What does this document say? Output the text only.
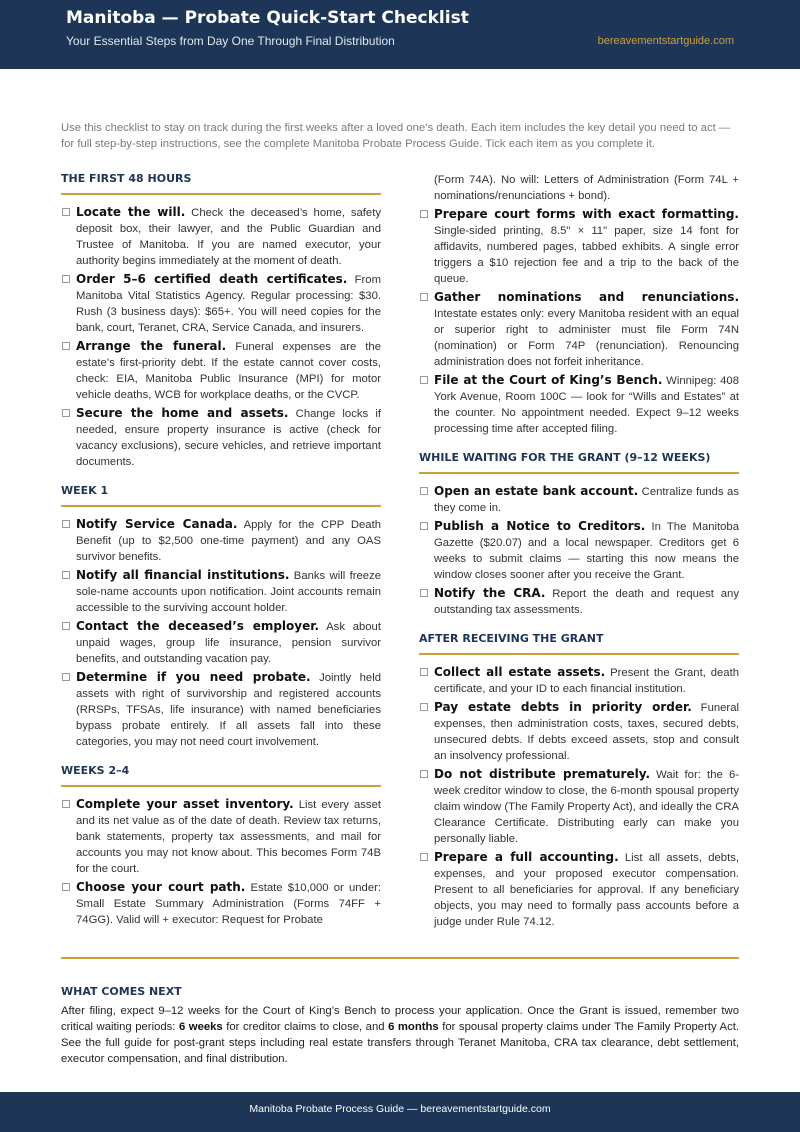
Manitoba — Probate Quick-Start Checklist
Your Essential Steps from Day One Through Final Distribution	bereavementstartguide.com
Use this checklist to stay on track during the first weeks after a loved one’s death. Each item includes the key detail you need to act — for full step-by-step instructions, see the complete Manitoba Probate Process Guide. Tick each item as you complete it.
THE FIRST 48 HOURS
Locate the will. Check the deceased’s home, safety deposit box, their lawyer, and the Public Guardian and Trustee of Manitoba. If you are named executor, your authority begins immediately at the moment of death.
Order 5–6 certified death certificates. From Manitoba Vital Statistics Agency. Regular processing: $30. Rush (3 business days): $65+. You will need copies for the bank, court, Teranet, CRA, Service Canada, and insurers.
Arrange the funeral. Funeral expenses are the estate’s first-priority debt. If the estate cannot cover costs, check: EIA, Manitoba Public Insurance (MPI) for motor vehicle deaths, WCB for workplace deaths, or the CVCP.
Secure the home and assets. Change locks if needed, ensure property insurance is active (check for vacancy exclusions), secure vehicles, and retrieve important documents.
WEEK 1
Notify Service Canada. Apply for the CPP Death Benefit (up to $2,500 one-time payment) and any OAS survivor benefits.
Notify all financial institutions. Banks will freeze sole-name accounts upon notification. Joint accounts remain accessible to the surviving account holder.
Contact the deceased’s employer. Ask about unpaid wages, group life insurance, pension survivor benefits, and outstanding vacation pay.
Determine if you need probate. Jointly held assets with right of survivorship and registered accounts (RRSPs, TFSAs, life insurance) with named beneficiaries bypass probate entirely. If all assets fall into these categories, you may not need court involvement.
WEEKS 2–4
Complete your asset inventory. List every asset and its net value as of the date of death. Review tax returns, bank statements, property tax assessments, and mail for accounts you may not know about. This becomes Form 74B for the court.
Choose your court path. Estate $10,000 or under: Small Estate Summary Administration (Forms 74FF + 74GG). Valid will + executor: Request for Probate
(Form 74A). No will: Letters of Administration (Form 74L + nominations/renunciations + bond).
Prepare court forms with exact formatting. Single-sided printing, 8.5" × 11" paper, size 14 font for affidavits, numbered pages, tabbed exhibits. A single error triggers a $10 rejection fee and a trip to the back of the queue.
Gather nominations and renunciations. Intestate estates only: every Manitoba resident with an equal or superior right to administer must file Form 74N (nomination) or Form 74P (renunciation). Renouncing administration does not forfeit inheritance.
File at the Court of King’s Bench. Winnipeg: 408 York Avenue, Room 100C — look for “Wills and Estates” at the counter. No appointment needed. Expect 9–12 weeks processing time after accepted filing.
WHILE WAITING FOR THE GRANT (9–12 WEEKS)
Open an estate bank account. Centralize funds as they come in.
Publish a Notice to Creditors. In The Manitoba Gazette ($20.07) and a local newspaper. Creditors get 6 weeks to submit claims — starting this now means the window closes sooner after you receive the Grant.
Notify the CRA. Report the death and request any outstanding tax assessments.
AFTER RECEIVING THE GRANT
Collect all estate assets. Present the Grant, death certificate, and your ID to each financial institution.
Pay estate debts in priority order. Funeral expenses, then administration costs, taxes, secured debts, unsecured debts. If debts exceed assets, stop and consult an insolvency professional.
Do not distribute prematurely. Wait for: the 6-week creditor window to close, the 6-month spousal property claim window (The Family Property Act), and ideally the CRA Clearance Certificate. Distributing early can make you personally liable.
Prepare a full accounting. List all assets, debts, expenses, and your proposed executor compensation. Present to all beneficiaries for approval. If any beneficiary objects, you may need to formally pass accounts before a judge under Rule 74.12.
WHAT COMES NEXT
After filing, expect 9–12 weeks for the Court of King’s Bench to process your application. Once the Grant is issued, remember two critical waiting periods: 6 weeks for creditor claims to close, and 6 months for spousal property claims under The Family Property Act. See the full guide for post-grant steps including real estate transfers through Teranet Manitoba, CRA tax clearance, debt settlement, executor compensation, and final distribution.
Manitoba Probate Process Guide — bereavementstartguide.com
